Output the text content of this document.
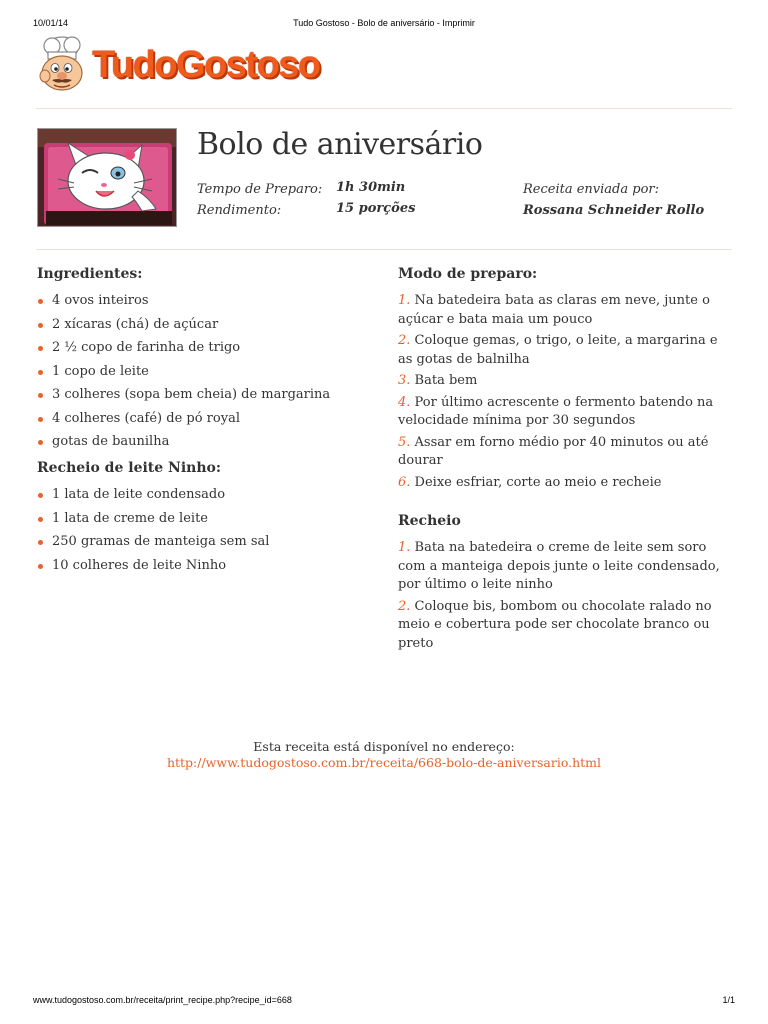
10/01/14	Tudo Gostoso - Bolo de aniversário - Imprimir
TudoGostoso
Bolo de aniversário
Tempo de Preparo: 1h 30min
Rendimento:	15 porções
Receita enviada por:
Rossana Schneider Rollo
Ingredientes:
4 ovos inteiros
2 xícaras (chá) de açúcar
2 ½ copo de farinha de trigo
1 copo de leite
3 colheres (sopa bem cheia) de margarina
4 colheres (café) de pó royal
gotas de baunilha
Recheio de leite Ninho:
1 lata de leite condensado
1 lata de creme de leite
250 gramas de manteiga sem sal
10 colheres de leite Ninho
Modo de preparo:
1. Na batedeira bata as claras em neve, junte o açúcar e bata maia um pouco
2. Coloque gemas, o trigo, o leite, a margarina e as gotas de balnilha
3. Bata bem
4. Por último acrescente o fermento batendo na velocidade mínima por 30 segundos
5. Assar em forno médio por 40 minutos ou até dourar
6. Deixe esfriar, corte ao meio e recheie
Recheio
1. Bata na batedeira o creme de leite sem soro com a manteiga depois junte o leite condensado, por último o leite ninho
2. Coloque bis, bombom ou chocolate ralado no meio e cobertura pode ser chocolate branco ou preto
Esta receita está disponível no endereço:
http://www.tudogostoso.com.br/receita/668-bolo-de-aniversario.html
www.tudogostoso.com.br/receita/print_recipe.php?recipe_id=668	1/1
